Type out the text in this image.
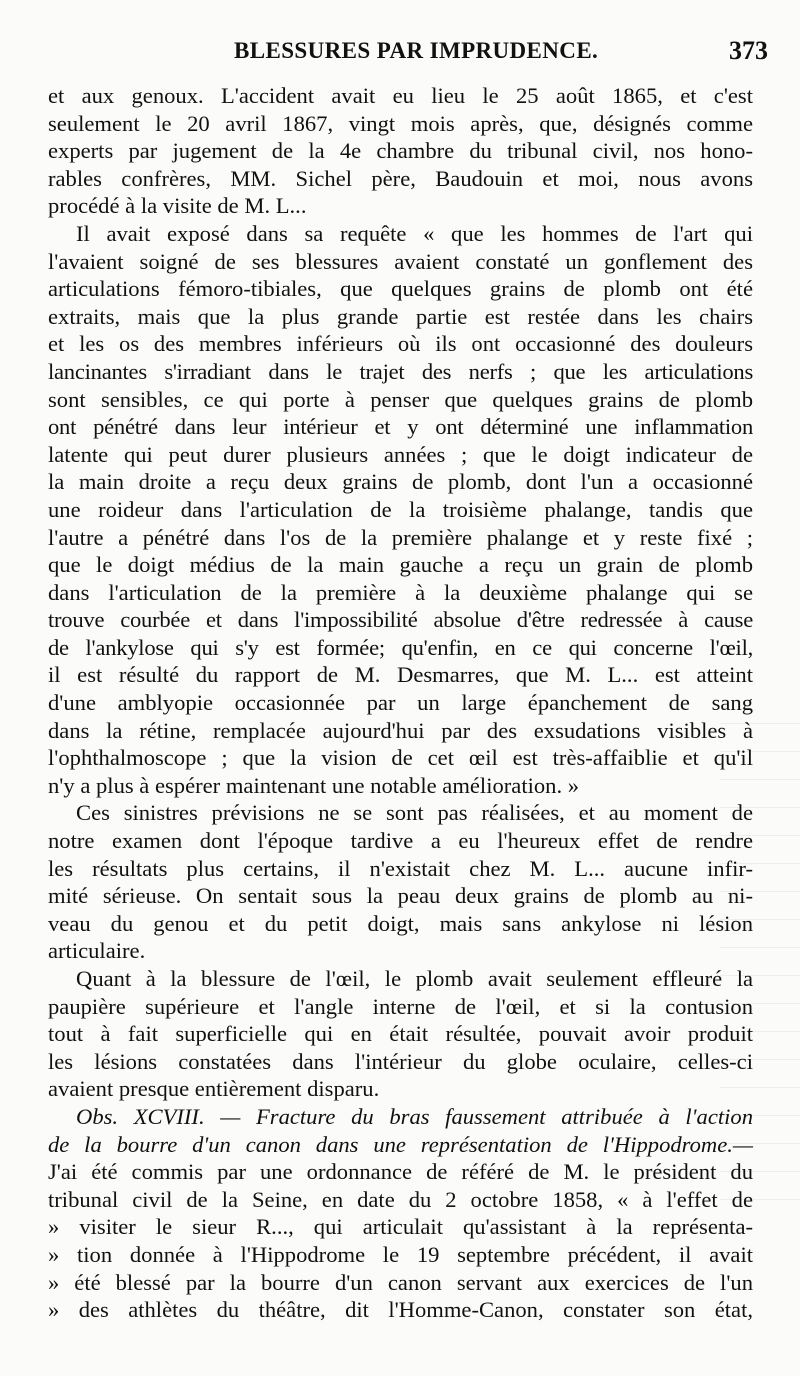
BLESSURES PAR IMPRUDENCE.	373
et aux genoux. L'accident avait eu lieu le 25 août 1865, et c'est
seulement le 20 avril 1867, vingt mois après, que, désignés comme
experts par jugement de la 4e chambre du tribunal civil, nos hono-
rables confrères, MM. Sichel père, Baudouin et moi, nous avons
procédé à la visite de M. L...
Il avait exposé dans sa requête « que les hommes de l'art qui
l'avaient soigné de ses blessures avaient constaté un gonflement des
articulations fémoro-tibiales, que quelques grains de plomb ont été
extraits, mais que la plus grande partie est restée dans les chairs
et les os des membres inférieurs où ils ont occasionné des douleurs
lancinantes s'irradiant dans le trajet des nerfs ; que les articulations
sont sensibles, ce qui porte à penser que quelques grains de plomb
ont pénétré dans leur intérieur et y ont déterminé une inflammation
latente qui peut durer plusieurs années ; que le doigt indicateur de
la main droite a reçu deux grains de plomb, dont l'un a occasionné
une roideur dans l'articulation de la troisième phalange, tandis que
l'autre a pénétré dans l'os de la première phalange et y reste fixé ;
que le doigt médius de la main gauche a reçu un grain de plomb
dans l'articulation de la première à la deuxième phalange qui se
trouve courbée et dans l'impossibilité absolue d'être redressée à cause
de l'ankylose qui s'y est formée; qu'enfin, en ce qui concerne l'œil,
il est résulté du rapport de M. Desmarres, que M. L... est atteint
d'une amblyopie occasionnée par un large épanchement de sang
dans la rétine, remplacée aujourd'hui par des exsudations visibles à
l'ophthalmoscope ; que la vision de cet œil est très-affaiblie et qu'il
n'y a plus à espérer maintenant une notable amélioration. »
Ces sinistres prévisions ne se sont pas réalisées, et au moment de
notre examen dont l'époque tardive a eu l'heureux effet de rendre
les résultats plus certains, il n'existait chez M. L... aucune infir-
mité sérieuse. On sentait sous la peau deux grains de plomb au ni-
veau du genou et du petit doigt, mais sans ankylose ni lésion
articulaire.
Quant à la blessure de l'œil, le plomb avait seulement effleuré la
paupière supérieure et l'angle interne de l'œil, et si la contusion
tout à fait superficielle qui en était résultée, pouvait avoir produit
les lésions constatées dans l'intérieur du globe oculaire, celles-ci
avaient presque entièrement disparu.
Obs. XCVIII. — Fracture du bras faussement attribuée à l'action
de la bourre d'un canon dans une représentation de l'Hippodrome.—
J'ai été commis par une ordonnance de référé de M. le président du
tribunal civil de la Seine, en date du 2 octobre 1858, « à l'effet de
» visiter le sieur R..., qui articulait qu'assistant à la représenta-
» tion donnée à l'Hippodrome le 19 septembre précédent, il avait
» été blessé par la bourre d'un canon servant aux exercices de l'un
» des athlètes du théâtre, dit l'Homme-Canon, constater son état,
